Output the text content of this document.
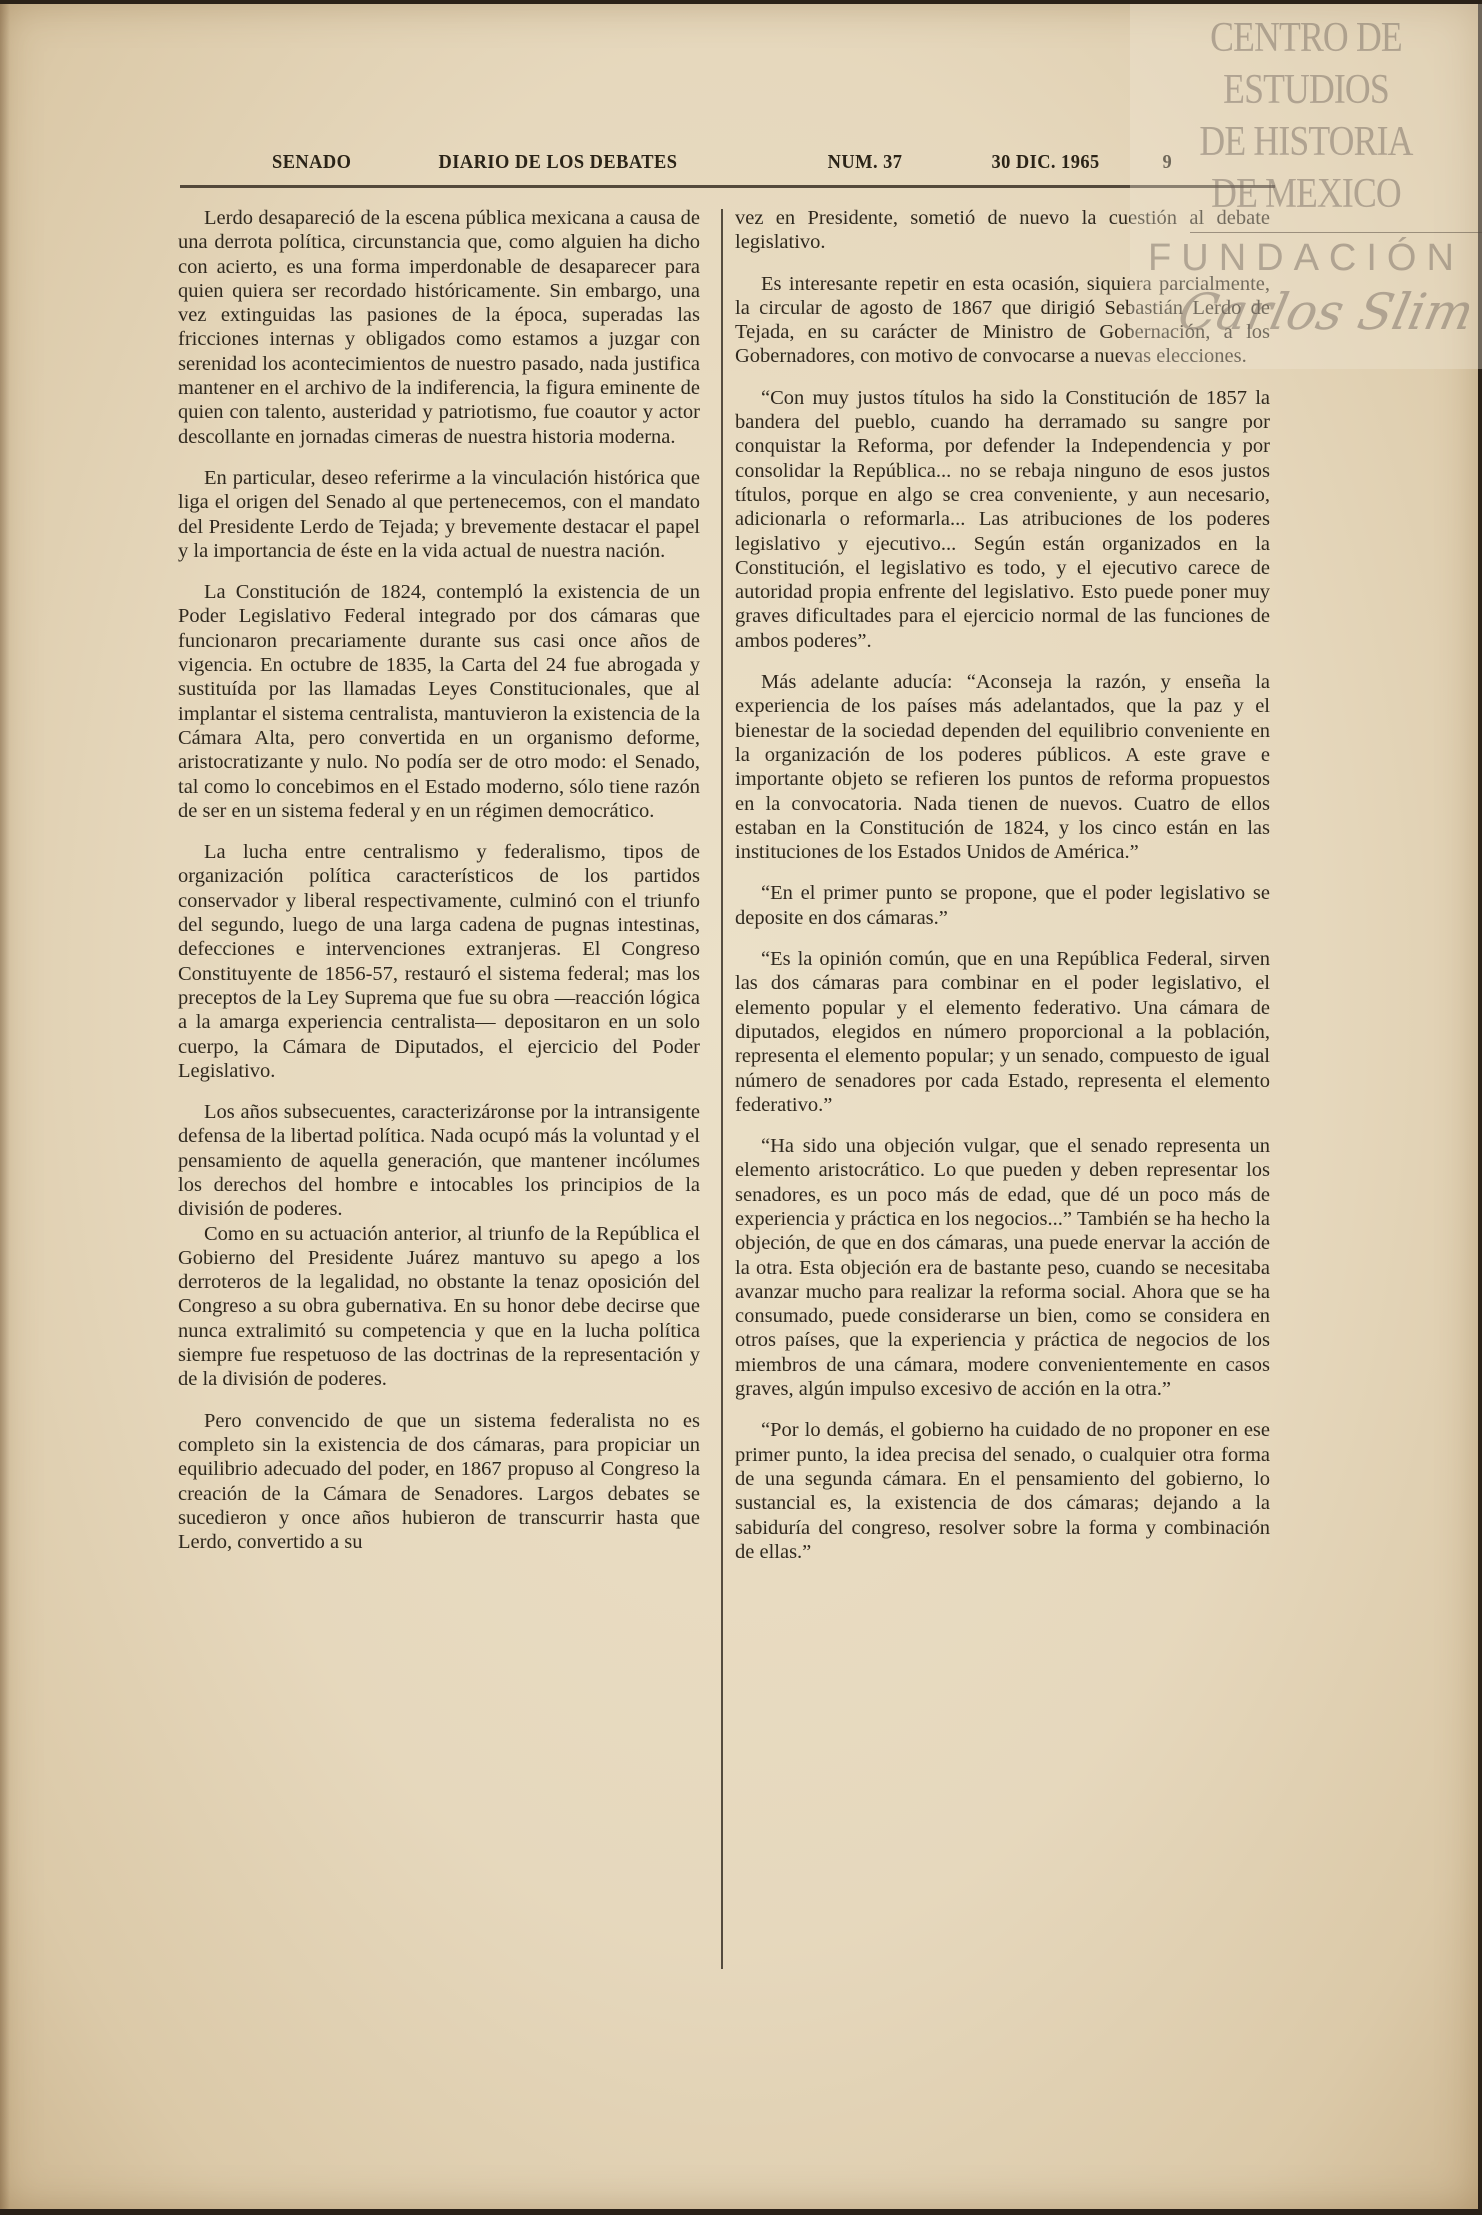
SENADO	DIARIO DE LOS DEBATES	NUM. 37	30 DIC. 1965	9

Lerdo desapareció de la escena pública mexicana a causa de una derrota política, circunstancia que, como alguien ha dicho con acierto, es una forma imperdonable de desaparecer para quien quiera ser recordado históricamente. Sin embargo, una vez extinguidas las pasiones de la época, superadas las fricciones internas y obligados como estamos a juzgar con serenidad los acontecimientos de nuestro pasado, nada justifica mantener en el archivo de la indiferencia, la figura eminente de quien con talento, austeridad y patriotismo, fue coautor y actor descollante en jornadas cimeras de nuestra historia moderna.

En particular, deseo referirme a la vinculación histórica que liga el origen del Senado al que pertenecemos, con el mandato del Presidente Lerdo de Tejada; y brevemente destacar el papel y la importancia de éste en la vida actual de nuestra nación.

La Constitución de 1824, contempló la existencia de un Poder Legislativo Federal integrado por dos cámaras que funcionaron precariamente durante sus casi once años de vigencia. En octubre de 1835, la Carta del 24 fue abrogada y sustituída por las llamadas Leyes Constitucionales, que al implantar el sistema centralista, mantuvieron la existencia de la Cámara Alta, pero convertida en un organismo deforme, aristocratizante y nulo. No podía ser de otro modo: el Senado, tal como lo concebimos en el Estado moderno, sólo tiene razón de ser en un sistema federal y en un régimen democrático.

La lucha entre centralismo y federalismo, tipos de organización política característicos de los partidos conservador y liberal respectivamente, culminó con el triunfo del segundo, luego de una larga cadena de pugnas intestinas, defecciones e intervenciones extranjeras. El Congreso Constituyente de 1856-57, restauró el sistema federal; mas los preceptos de la Ley Suprema que fue su obra —reacción lógica a la amarga experiencia centralista— depositaron en un solo cuerpo, la Cámara de Diputados, el ejercicio del Poder Legislativo.

Los años subsecuentes, caracterizáronse por la intransigente defensa de la libertad política. Nada ocupó más la voluntad y el pensamiento de aquella generación, que mantener incólumes los derechos del hombre e intocables los principios de la división de poderes.

Como en su actuación anterior, al triunfo de la República el Gobierno del Presidente Juárez mantuvo su apego a los derroteros de la legalidad, no obstante la tenaz oposición del Congreso a su obra gubernativa. En su honor debe decirse que nunca extralimitó su competencia y que en la lucha política siempre fue respetuoso de las doctrinas de la representación y de la división de poderes.

Pero convencido de que un sistema federalista no es completo sin la existencia de dos cámaras, para propiciar un equilibrio adecuado del poder, en 1867 propuso al Congreso la creación de la Cámara de Senadores. Largos debates se sucedieron y once años hubieron de transcurrir hasta que Lerdo, convertido a su

vez en Presidente, sometió de nuevo la cuestión al debate legislativo.

Es interesante repetir en esta ocasión, siquiera parcialmente, la circular de agosto de 1867 que dirigió Sebastián Lerdo de Tejada, en su carácter de Ministro de Gobernación, a los Gobernadores, con motivo de convocarse a nuevas elecciones.

“Con muy justos títulos ha sido la Constitución de 1857 la bandera del pueblo, cuando ha derramado su sangre por conquistar la Reforma, por defender la Independencia y por consolidar la República... no se rebaja ninguno de esos justos títulos, porque en algo se crea conveniente, y aun necesario, adicionarla o reformarla... Las atribuciones de los poderes legislativo y ejecutivo... Según están organizados en la Constitución, el legislativo es todo, y el ejecutivo carece de autoridad propia enfrente del legislativo. Esto puede poner muy graves dificultades para el ejercicio normal de las funciones de ambos poderes”.

Más adelante aducía: “Aconseja la razón, y enseña la experiencia de los países más adelantados, que la paz y el bienestar de la sociedad dependen del equilibrio conveniente en la organización de los poderes públicos. A este grave e importante objeto se refieren los puntos de reforma propuestos en la convocatoria. Nada tienen de nuevos. Cuatro de ellos estaban en la Constitución de 1824, y los cinco están en las instituciones de los Estados Unidos de América.”

“En el primer punto se propone, que el poder legislativo se deposite en dos cámaras.”

“Es la opinión común, que en una República Federal, sirven las dos cámaras para combinar en el poder legislativo, el elemento popular y el elemento federativo. Una cámara de diputados, elegidos en número proporcional a la población, representa el elemento popular; y un senado, compuesto de igual número de senadores por cada Estado, representa el elemento federativo.”

“Ha sido una objeción vulgar, que el senado representa un elemento aristocrático. Lo que pueden y deben representar los senadores, es un poco más de edad, que dé un poco más de experiencia y práctica en los negocios...” También se ha hecho la objeción, de que en dos cámaras, una puede enervar la acción de la otra. Esta objeción era de bastante peso, cuando se necesitaba avanzar mucho para realizar la reforma social. Ahora que se ha consumado, puede considerarse un bien, como se considera en otros países, que la experiencia y práctica de negocios de los miembros de una cámara, modere convenientemente en casos graves, algún impulso excesivo de acción en la otra.”

“Por lo demás, el gobierno ha cuidado de no proponer en ese primer punto, la idea precisa del senado, o cualquier otra forma de una segunda cámara. En el pensamiento del gobierno, lo sustancial es, la existencia de dos cámaras; dejando a la sabiduría del congreso, resolver sobre la forma y combinación de ellas.”

CENTRO DE
ESTUDIOS
DE HISTORIA
DE MEXICO
FUNDACIÓN
Carlos Slim
